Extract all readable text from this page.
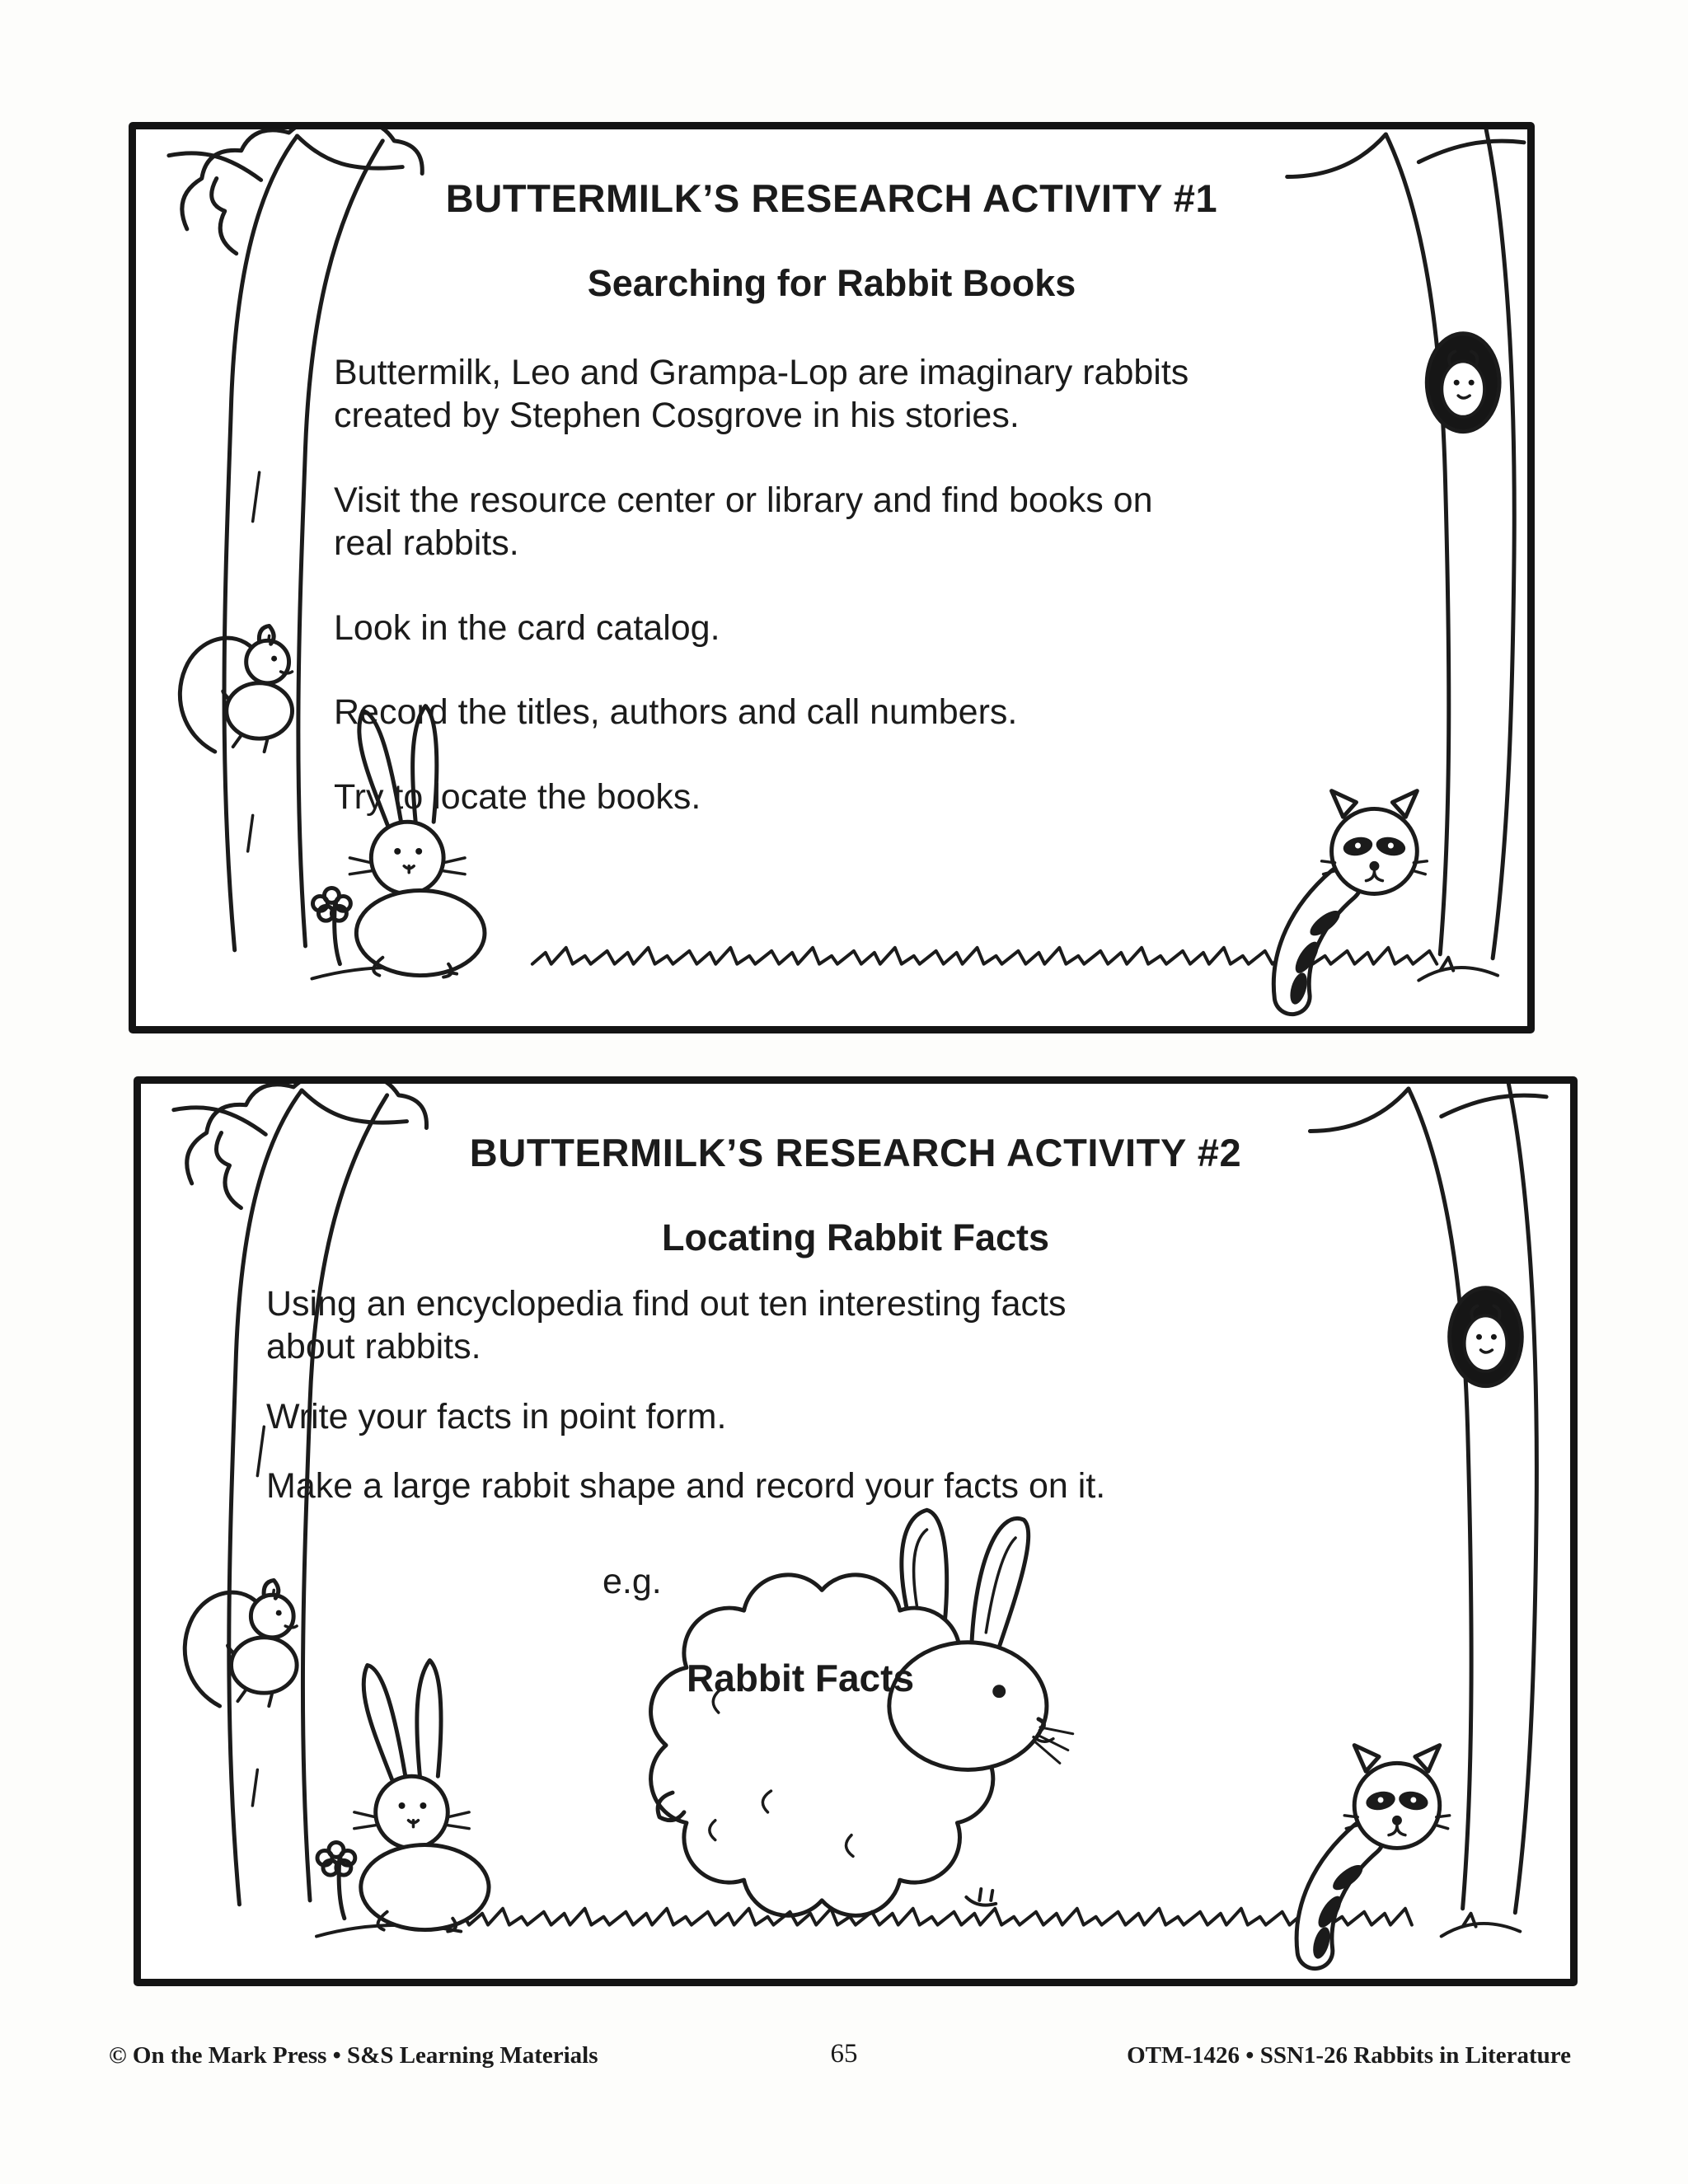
BUTTERMILK’S RESEARCH ACTIVITY #1
Searching for Rabbit Books

Buttermilk, Leo and Grampa-Lop are imaginary rabbits
created by Stephen Cosgrove in his stories.

Visit the resource center or library and find books on
real rabbits.

Look in the card catalog.

Record the titles, authors and call numbers.

Try to locate the books.

BUTTERMILK’S RESEARCH ACTIVITY #2
Locating Rabbit Facts

Using an encyclopedia find out ten interesting facts
about rabbits.

Write your facts in point form.

Make a large rabbit shape and record your facts on it.

e.g.
Rabbit Facts
© On the Mark Press • S&S Learning Materials	65	OTM-1426 • SSN1-26 Rabbits in Literature
